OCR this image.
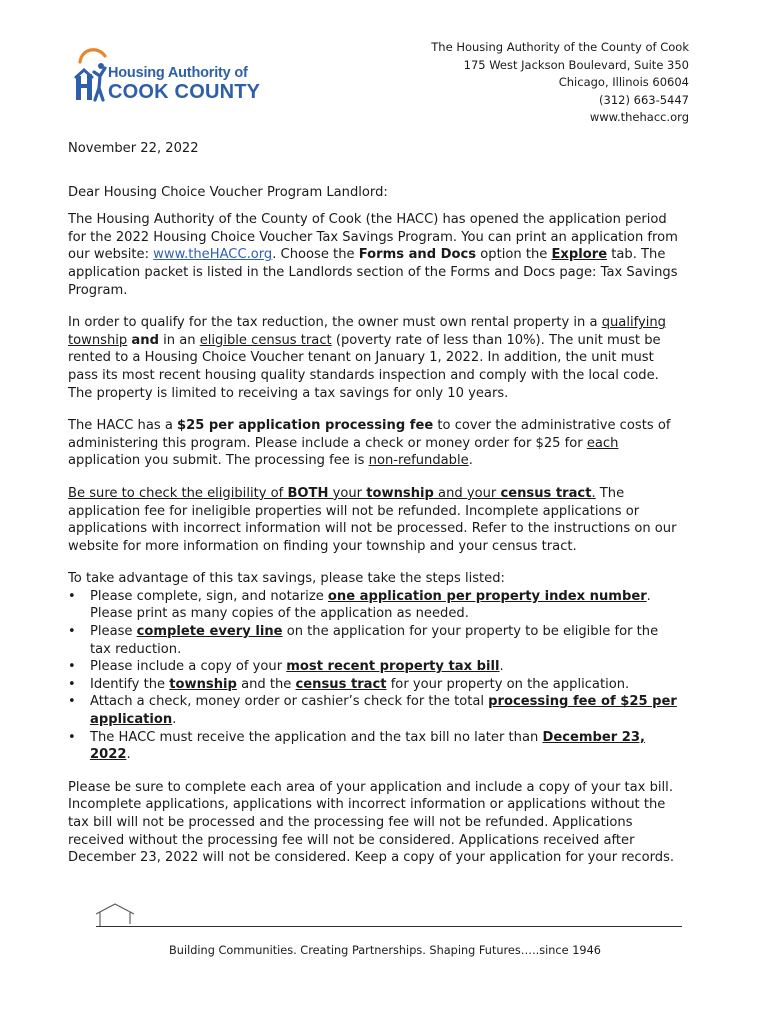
Housing Authority of
COOK COUNTY
The Housing Authority of the County of Cook
175 West Jackson Boulevard, Suite 350
Chicago, Illinois 60604
(312) 663-5447
www.thehacc.org

November 22, 2022

Dear Housing Choice Voucher Program Landlord:

The Housing Authority of the County of Cook (the HACC) has opened the application period for the 2022 Housing Choice Voucher Tax Savings Program. You can print an application from our website: www.theHACC.org. Choose the Forms and Docs option the Explore tab. The application packet is listed in the Landlords section of the Forms and Docs page: Tax Savings Program.

In order to qualify for the tax reduction, the owner must own rental property in a qualifying township and in an eligible census tract (poverty rate of less than 10%). The unit must be rented to a Housing Choice Voucher tenant on January 1, 2022. In addition, the unit must pass its most recent housing quality standards inspection and comply with the local code. The property is limited to receiving a tax savings for only 10 years.

The HACC has a $25 per application processing fee to cover the administrative costs of administering this program. Please include a check or money order for $25 for each application you submit. The processing fee is non-refundable.

Be sure to check the eligibility of BOTH your township and your census tract. The application fee for ineligible properties will not be refunded. Incomplete applications or applications with incorrect information will not be processed. Refer to the instructions on our website for more information on finding your township and your census tract.

To take advantage of this tax savings, please take the steps listed:

• Please complete, sign, and notarize one application per property index number. Please print as many copies of the application as needed.
• Please complete every line on the application for your property to be eligible for the tax reduction.
• Please include a copy of your most recent property tax bill.
• Identify the township and the census tract for your property on the application.
• Attach a check, money order or cashier’s check for the total processing fee of $25 per application.
• The HACC must receive the application and the tax bill no later than December 23, 2022.

Please be sure to complete each area of your application and include a copy of your tax bill. Incomplete applications, applications with incorrect information or applications without the tax bill will not be processed and the processing fee will not be refunded. Applications received without the processing fee will not be considered. Applications received after December 23, 2022 will not be considered. Keep a copy of your application for your records.

Building Communities. Creating Partnerships. Shaping Futures…..since 1946
